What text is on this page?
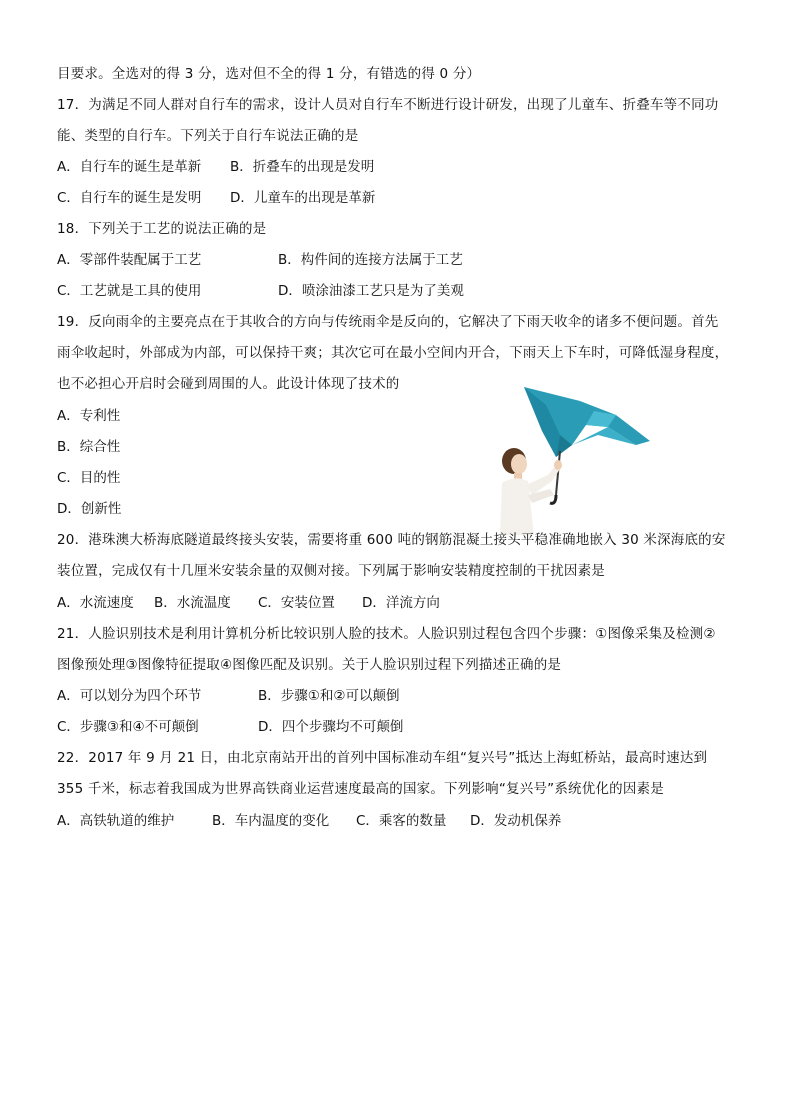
目要求。全选对的得 3 分，选对但不全的得 1 分，有错选的得 0 分）
17．为满足不同人群对自行车的需求，设计人员对自行车不断进行设计研发，出现了儿童车、折叠车等不同功
能、类型的自行车。下列关于自行车说法正确的是
A．自行车的诞生是革新 B．折叠车的出现是发明
C．自行车的诞生是发明 D．儿童车的出现是革新
18．下列关于工艺的说法正确的是
A．零部件装配属于工艺	B．构件间的连接方法属于工艺
C．工艺就是工具的使用	D．喷涂油漆工艺只是为了美观
19．反向雨伞的主要亮点在于其收合的方向与传统雨伞是反向的，它解决了下雨天收伞的诸多不便问题。首先
雨伞收起时，外部成为内部，可以保持干爽；其次它可在最小空间内开合，下雨天上下车时，可降低湿身程度，
也不必担心开启时会碰到周围的人。此设计体现了技术的
A．专利性
B．综合性
C．目的性
D．创新性
20．港珠澳大桥海底隧道最终接头安装，需要将重 600 吨的钢筋混凝土接头平稳准确地嵌入 30 米深海底的安
装位置，完成仅有十几厘米安装余量的双侧对接。下列属于影响安装精度控制的干扰因素是
A．水流速度 B．水流温度 C．安装位置 D．洋流方向
21．人脸识别技术是利用计算机分析比较识别人脸的技术。人脸识别过程包含四个步骤：①图像采集及检测②
图像预处理③图像特征提取④图像匹配及识别。关于人脸识别过程下列描述正确的是
A．可以划分为四个环节	B．步骤①和②可以颠倒
C．步骤③和④不可颠倒	D．四个步骤均不可颠倒
22．2017 年 9 月 21 日，由北京南站开出的首列中国标准动车组“复兴号”抵达上海虹桥站，最高时速达到
355 千米，标志着我国成为世界高铁商业运营速度最高的国家。下列影响“复兴号”系统优化的因素是
A．高铁轨道的维护	B．车内温度的变化 C．乘客的数量 D．发动机保养
